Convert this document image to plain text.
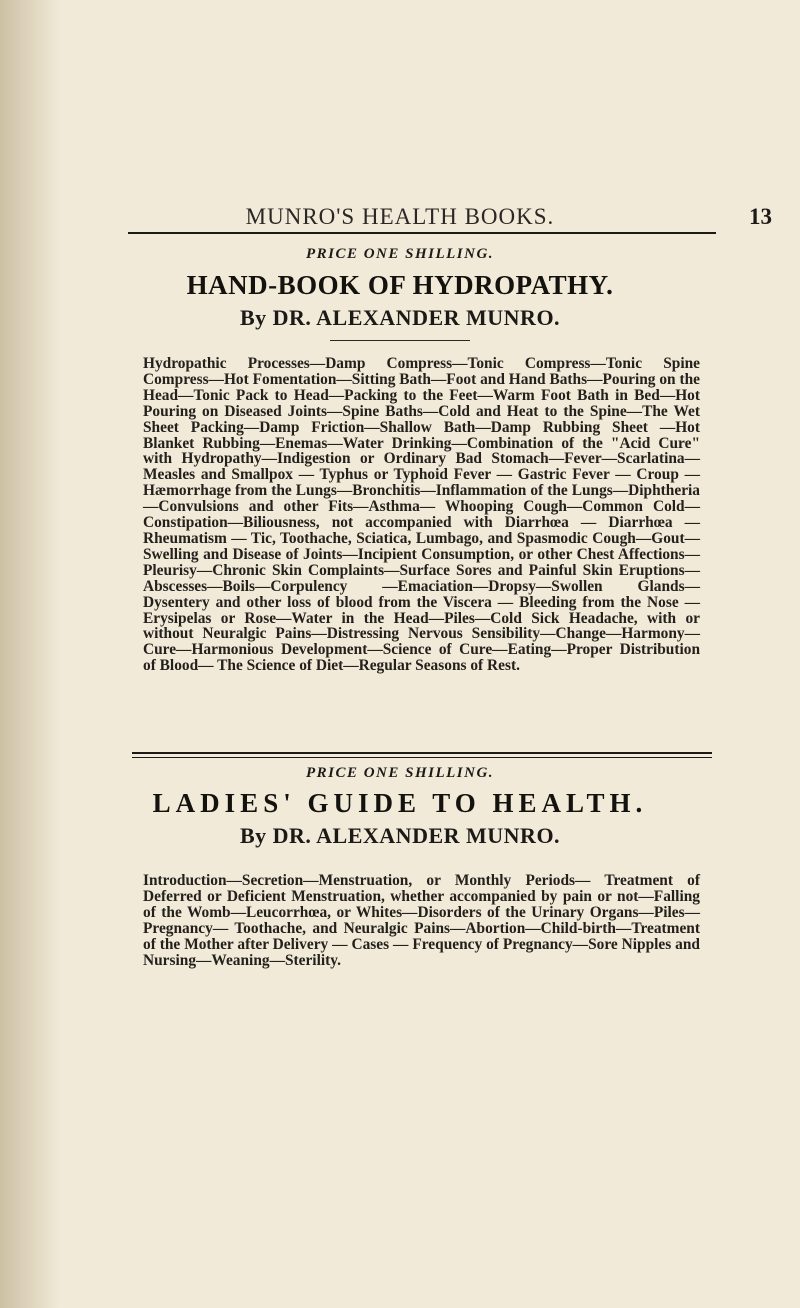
MUNRO'S HEALTH BOOKS.	13
PRICE ONE SHILLING.
HAND-BOOK OF HYDROPATHY.
By DR. ALEXANDER MUNRO.
Hydropathic Processes—Damp Compress—Tonic Compress—Tonic Spine Compress—Hot Fomentation—Sitting Bath—Foot and Hand Baths—Pouring on the Head—Tonic Pack to Head—Packing to the Feet—Warm Foot Bath in Bed—Hot Pouring on Diseased Joints—Spine Baths—Cold and Heat to the Spine—The Wet Sheet Packing—Damp Friction—Shallow Bath—Damp Rubbing Sheet —Hot Blanket Rubbing—Enemas—Water Drinking—Combination of the "Acid Cure" with Hydropathy—Indigestion or Ordinary Bad Stomach—Fever—Scarlatina—Measles and Smallpox — Typhus or Typhoid Fever — Gastric Fever — Croup — Hæmorrhage from the Lungs—Bronchitis—Inflammation of the Lungs—Diphtheria—Convulsions and other Fits—Asthma— Whooping Cough—Common Cold—Constipation—Biliousness, not accompanied with Diarrhœa — Diarrhœa — Rheumatism — Tic, Toothache, Sciatica, Lumbago, and Spasmodic Cough—Gout— Swelling and Disease of Joints—Incipient Consumption, or other Chest Affections—Pleurisy—Chronic Skin Complaints—Surface Sores and Painful Skin Eruptions—Abscesses—Boils—Corpulency —Emaciation—Dropsy—Swollen Glands—Dysentery and other loss of blood from the Viscera — Bleeding from the Nose — Erysipelas or Rose—Water in the Head—Piles—Cold Sick Headache, with or without Neuralgic Pains—Distressing Nervous Sensibility—Change—Harmony—Cure—Harmonious Development—Science of Cure—Eating—Proper Distribution of Blood— The Science of Diet—Regular Seasons of Rest.
PRICE ONE SHILLING.
LADIES' GUIDE TO HEALTH.
By DR. ALEXANDER MUNRO.
Introduction—Secretion—Menstruation, or Monthly Periods— Treatment of Deferred or Deficient Menstruation, whether accompanied by pain or not—Falling of the Womb—Leucorrhœa, or Whites—Disorders of the Urinary Organs—Piles—Pregnancy— Toothache, and Neuralgic Pains—Abortion—Child-birth—Treatment of the Mother after Delivery — Cases — Frequency of Pregnancy—Sore Nipples and Nursing—Weaning—Sterility.
